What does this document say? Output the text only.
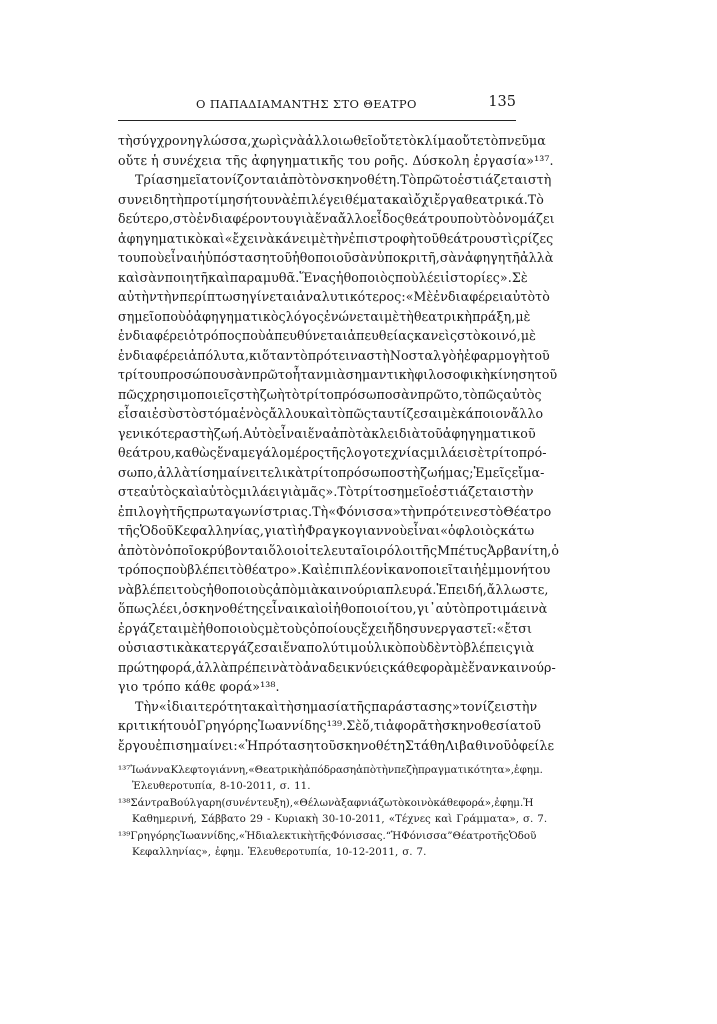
Ο ΠΑΠΑΔΙΑΜΑΝΤΗΣ ΣΤΟ ΘΕΑΤΡΟ	135
τὴ σύγχρονη γλώσσα, χωρὶς νὰ ἀλλοιωθεῖ οὔτε τὸ κλίμα οὔτε τὸ πνεῦμα
οὔτε ἡ συνέχεια τῆς ἀφηγηματικῆς του ροῆς. Δύσκολη ἐργασία»¹³⁷.
Τρία σημεῖα τονίζονται ἀπὸ τὸν σκηνοθέτη. Τὸ πρῶτο ἑστιάζεται στὴ
συνειδητὴ προτίμησή του νὰ ἐπιλέγει θέματα καὶ ὄχι ἔργα θεατρικά. Τὸ
δεύτερο, στὸ ἐνδιαφέρον του γιὰ ἕνα ἄλλο εἶδος θεάτρου ποὺ τὸ ὀνομάζει
ἀφηγηματικὸ καὶ «ἔχει νὰ κάνει μὲ τὴν ἐπιστροφὴ τοῦ θεάτρου στὶς ρίζες
του ποὺ εἶναι ἡ ὑπόσταση τοῦ ἠθοποιοῦ σὰν ὑποκριτῆ, σὰν ἀφηγητῆ ἀλλὰ
καὶ σὰν ποιητῆ καὶ παραμυθᾶ. Ἕνας ἠθοποιὸς ποὺ λέει ἱστορίες». Σὲ
αὐτὴν τὴν περίπτωση γίνεται ἀναλυτικότερος: «Μὲ ἐνδιαφέρει αὐτὸ τὸ
σημεῖο ποὺ ὁ ἀφηγηματικὸς λόγος ἑνώνεται μὲ τὴ θεατρικὴ πράξη, μὲ
ἐνδιαφέρει ὁ τρόπος ποὺ ἀπευθύνεται ἀπευθείας κανεὶς στὸ κοινό, μὲ
ἐνδιαφέρει ἀπόλυτα, κι ὅταν τὸ πρότεινα στὴ Νοσταλγὸ ἡ ἐφαρμογὴ τοῦ
τρίτου προσώπου σὰν πρῶτο ἦταν μιὰ σημαντικὴ φιλοσοφικὴ κίνηση τοῦ
πῶς χρησιμοποιεῖς στὴ ζωὴ τὸ τρίτο πρόσωπο σὰν πρῶτο, τὸ πῶς αὐτὸς
εἶσαι ἐσὺ στὸ στόμα ἑνὸς ἄλλου καὶ τὸ πῶς ταυτίζεσαι μὲ κάποιον ἄλλο
γενικότερα στὴ ζωή. Αὐτὸ εἶναι ἕνα ἀπὸ τὰ κλειδιὰ τοῦ ἀφηγηματικοῦ
θεάτρου, καθὼς ἕνα μεγάλο μέρος τῆς λογοτεχνίας μιλάει σὲ τρίτο πρό-
σωπο, ἀλλὰ τί σημαίνει τελικὰ τρίτο πρόσωπο στὴ ζωή μας; Ἐμεῖς εἴμα-
στε αὐτὸς καὶ αὐτὸς μιλάει γιὰ μᾶς». Τὸ τρίτο σημεῖο ἑστιάζεται στὴν
ἐπιλογὴ τῆς πρωταγωνίστριας. Τὴ «Φόνισσα» τὴν πρότεινε στὸ Θέατρο
τῆς Ὁδοῦ Κεφαλληνίας, γιατὶ ἡ Φραγκογιαννοὺ εἶναι «ὁ φλοιὸς κάτω
ἀπὸ τὸν ὁποῖο κρύβονται ὅλοι οἱ τελευταῖοι ρόλοι τῆς Μπέτυς Ἀρβανίτη, ὁ
τρόπος ποὺ βλέπει τὸ θέατρο». Καὶ ἐπιπλέον ἱκανοποιεῖται ἡ ἐμμονή του
νὰ βλέπει τοὺς ἠθοποιοὺς ἀπὸ μιὰ καινούρια πλευρά. Ἐπειδή, ἄλλωστε,
ὅπως λέει, ὁ σκηνοθέτης εἶναι καὶ οἱ ἠθοποιοί του, γι᾽ αὐτὸ προτιμάει νὰ
ἐργάζεται μὲ ἠθοποιοὺς μὲ τοὺς ὁποίους ἔχει ἤδη συνεργαστεῖ: «ἔτσι
οὐσιαστικὰ κατεργάζεσαι ἕνα πολύτιμο ὑλικὸ ποὺ δὲν τὸ βλέπεις γιὰ
πρώτη φορά, ἀλλὰ πρέπει νὰ τὸ ἀναδεικνύεις κάθε φορὰ μὲ ἕναν καινούρ-
γιο τρόπο κάθε φορά»¹³⁸.
Τὴν «ἰδιαιτερότητα καὶ τὴ σημασία τῆς παράστασης» τονίζει στὴν
κριτική του ὁ Γρηγόρης Ἰωαννίδης¹³⁹. Σὲ ὅ,τι ἀφορᾶ τὴ σκηνοθεσία τοῦ
ἔργου ἐπισημαίνει: «Ἡ πρόταση τοῦ σκηνοθέτη Στάθη Λιβαθινοῦ ὀφείλε
¹³⁷ Ἰωάννα Κλεφτογιάννη, «Θεατρικὴ ἀπόδραση ἀπὸ τὴν πεζὴ πραγματικότητα», ἐφημ.
Ἐλευθεροτυπία, 8-10-2011, σ. 11.
¹³⁸ Σάντρα Βούλγαρη (συνέντευξη), «Θέλω νὰ ξαφνιάζω τὸ κοινὸ κάθε φορά», ἐφημ. Ἡ
Καθημερινή, Σάββατο 29 - Κυριακὴ 30-10-2011, «Τέχνες καὶ Γράμματα», σ. 7.
¹³⁹ Γρηγόρης Ἰωαννίδης, «Ἡ διαλεκτικὴ τῆς Φόνισσας. “Ἡ Φόνισσα” Θέατρο τῆς Ὁδοῦ
Κεφαλληνίας», ἐφημ. Ἐλευθεροτυπία, 10-12-2011, σ. 7.
